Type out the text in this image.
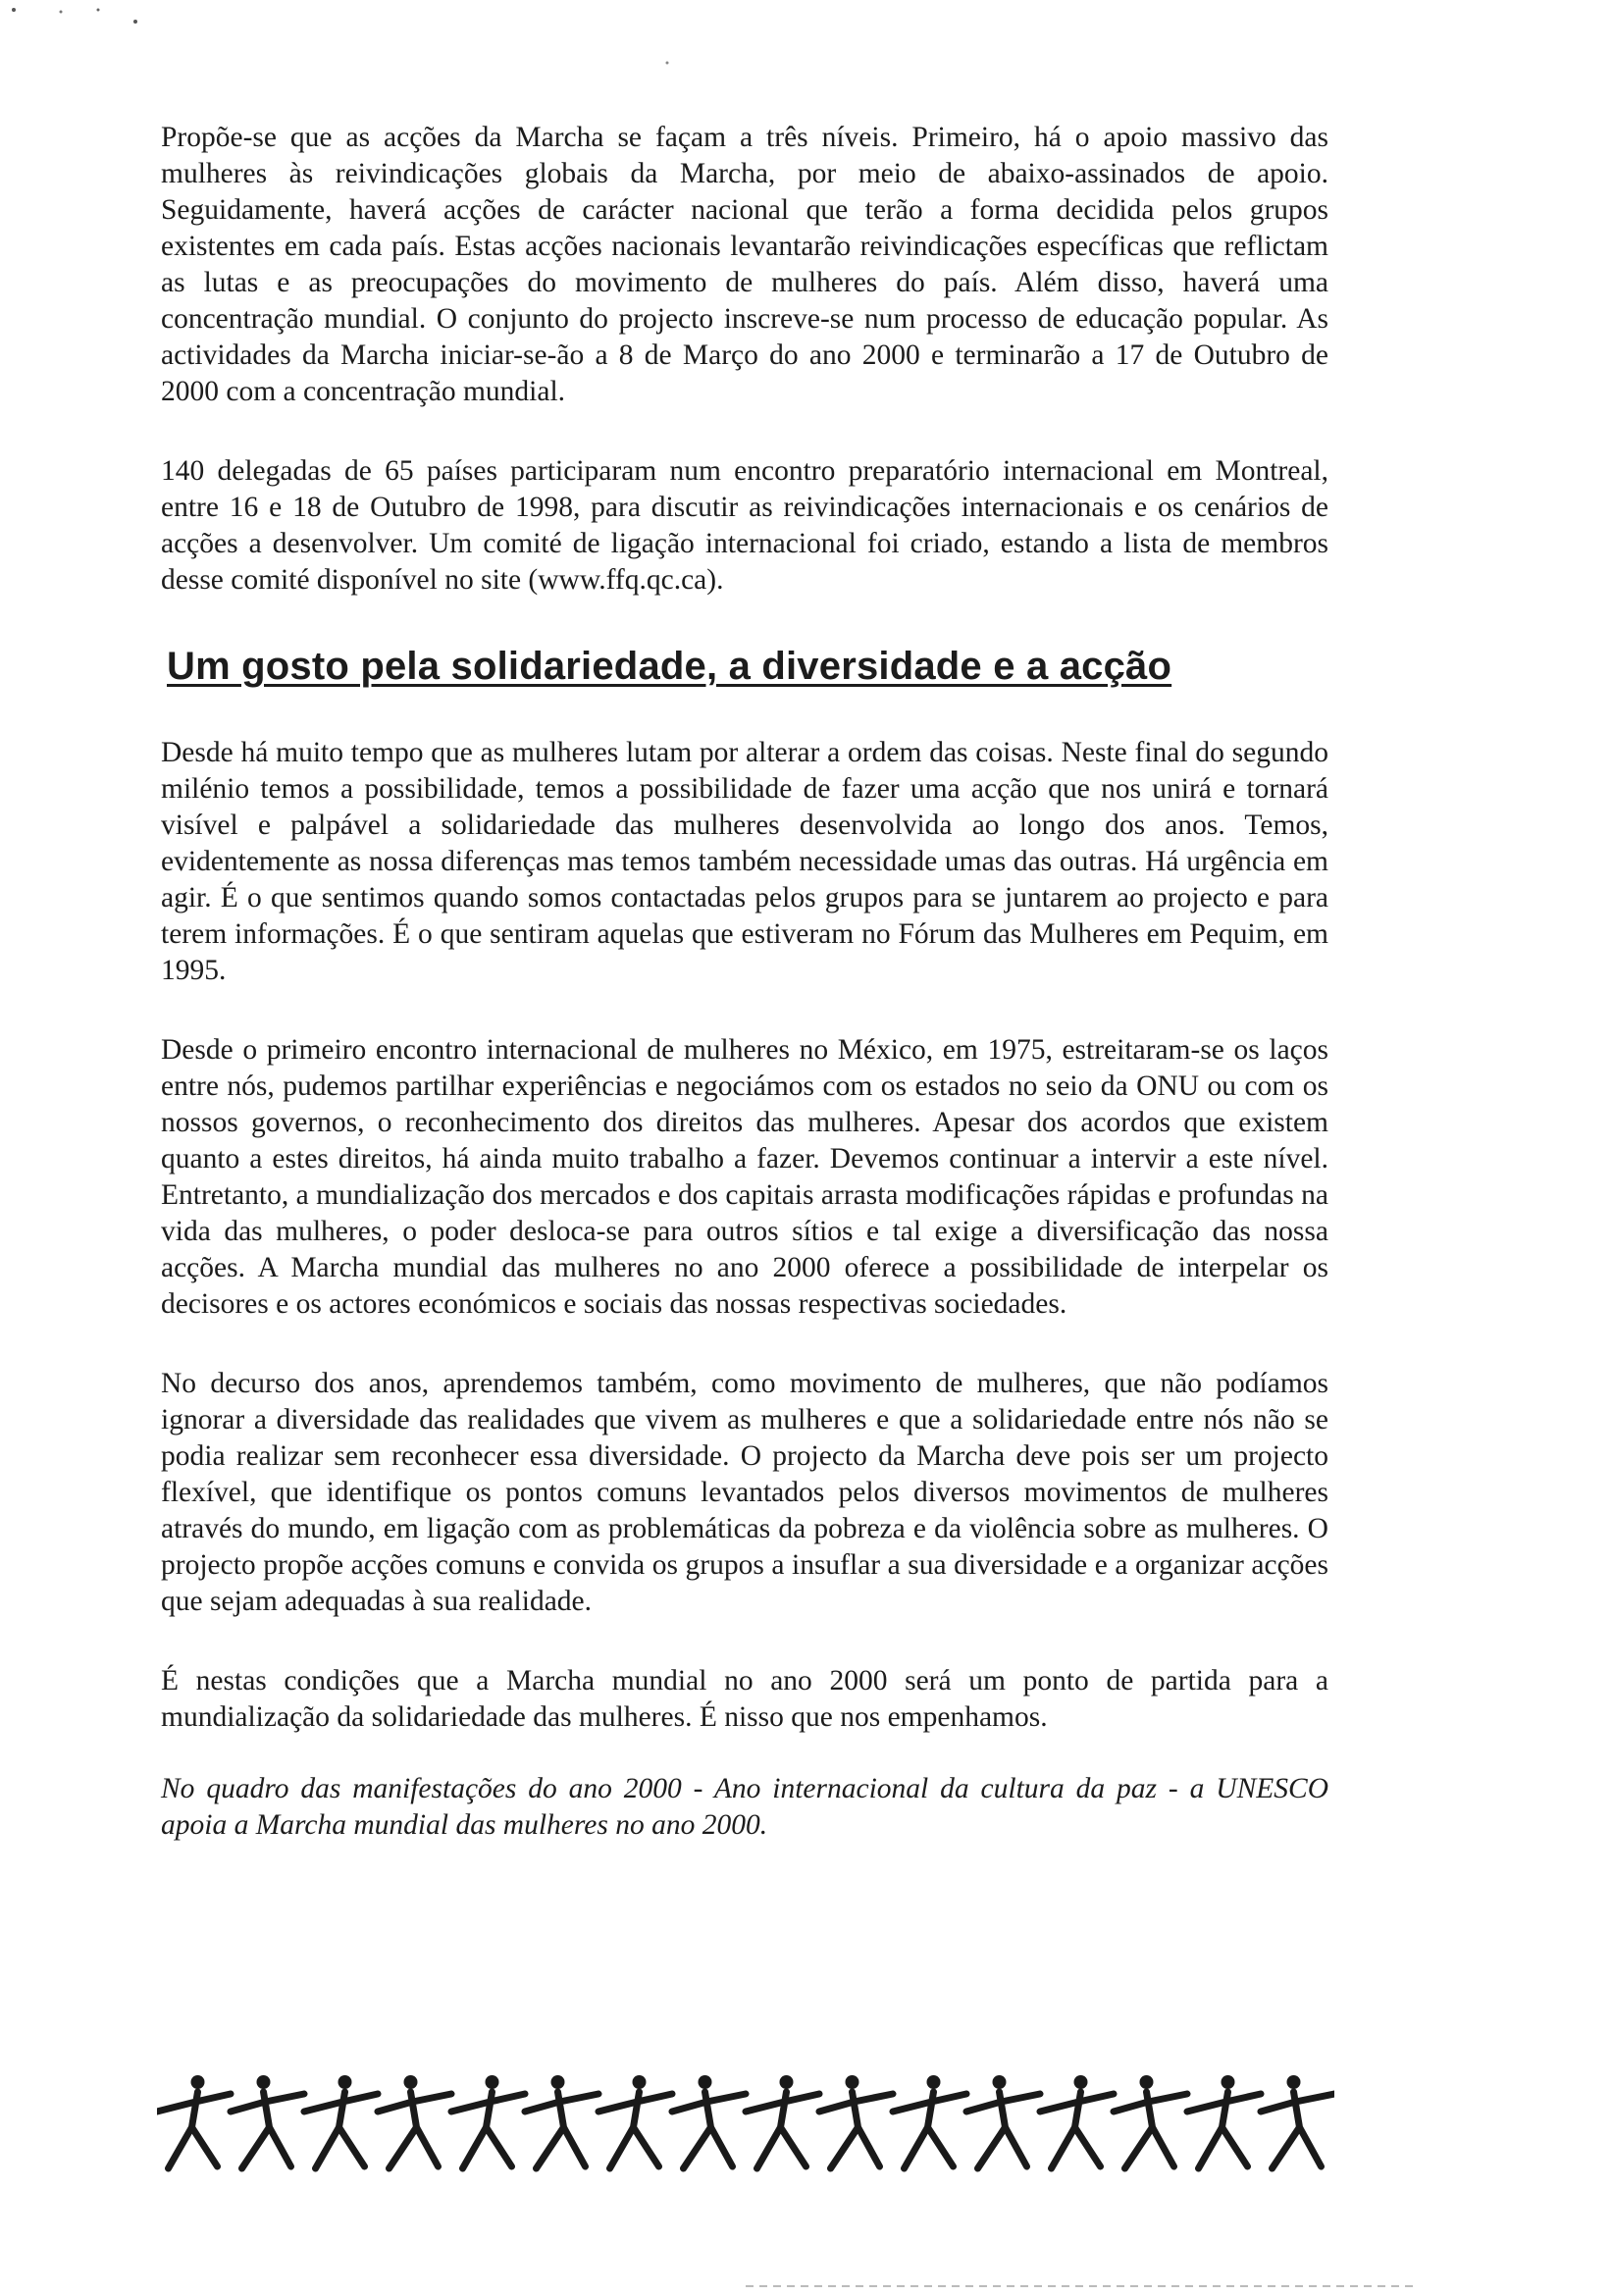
Propõe-se que as acções da Marcha se façam a três níveis. Primeiro, há o apoio massivo das mulheres às reivindicações globais da Marcha, por meio de abaixo-assinados de apoio. Seguidamente, haverá acções de carácter nacional que terão a forma decidida pelos grupos existentes em cada país. Estas acções nacionais levantarão reivindicações específicas que reflictam as lutas e as preocupações do movimento de mulheres do país. Além disso, haverá uma concentração mundial. O conjunto do projecto inscreve-se num processo de educação popular. As actividades da Marcha iniciar-se-ão a 8 de Março do ano 2000 e terminarão a 17 de Outubro de 2000 com a concentração mundial.

140 delegadas de 65 países participaram num encontro preparatório internacional em Montreal, entre 16 e 18 de Outubro de 1998, para discutir as reivindicações internacionais e os cenários de acções a desenvolver. Um comité de ligação internacional foi criado, estando a lista de membros desse comité disponível no site (www.ffq.qc.ca).

Um gosto pela solidariedade, a diversidade e a acção

Desde há muito tempo que as mulheres lutam por alterar a ordem das coisas. Neste final do segundo milénio temos a possibilidade, temos a possibilidade de fazer uma acção que nos unirá e tornará visível e palpável a solidariedade das mulheres desenvolvida ao longo dos anos. Temos, evidentemente as nossa diferenças mas temos também necessidade umas das outras. Há urgência em agir. É o que sentimos quando somos contactadas pelos grupos para se juntarem ao projecto e para terem informações. É o que sentiram aquelas que estiveram no Fórum das Mulheres em Pequim, em 1995.

Desde o primeiro encontro internacional de mulheres no México, em 1975, estreitaram-se os laços entre nós, pudemos partilhar experiências e negociámos com os estados no seio da ONU ou com os nossos governos, o reconhecimento dos direitos das mulheres. Apesar dos acordos que existem quanto a estes direitos, há ainda muito trabalho a fazer. Devemos continuar a intervir a este nível. Entretanto, a mundialização dos mercados e dos capitais arrasta modificações rápidas e profundas na vida das mulheres, o poder desloca-se para outros sítios e tal exige a diversificação das nossa acções. A Marcha mundial das mulheres no ano 2000 oferece a possibilidade de interpelar os decisores e os actores económicos e sociais das nossas respectivas sociedades.

No decurso dos anos, aprendemos também, como movimento de mulheres, que não podíamos ignorar a diversidade das realidades que vivem as mulheres e que a solidariedade entre nós não se podia realizar sem reconhecer essa diversidade. O projecto da Marcha deve pois ser um projecto flexível, que identifique os pontos comuns levantados pelos diversos movimentos de mulheres através do mundo, em ligação com as problemáticas da pobreza e da violência sobre as mulheres. O projecto propõe acções comuns e convida os grupos a insuflar a sua diversidade e a organizar acções que sejam adequadas à sua realidade.

É nestas condições que a Marcha mundial no ano 2000 será um ponto de partida para a mundialização da solidariedade das mulheres. É nisso que nos empenhamos.

No quadro das manifestações do ano 2000 - Ano internacional da cultura da paz - a UNESCO apoia a Marcha mundial das mulheres no ano 2000.
